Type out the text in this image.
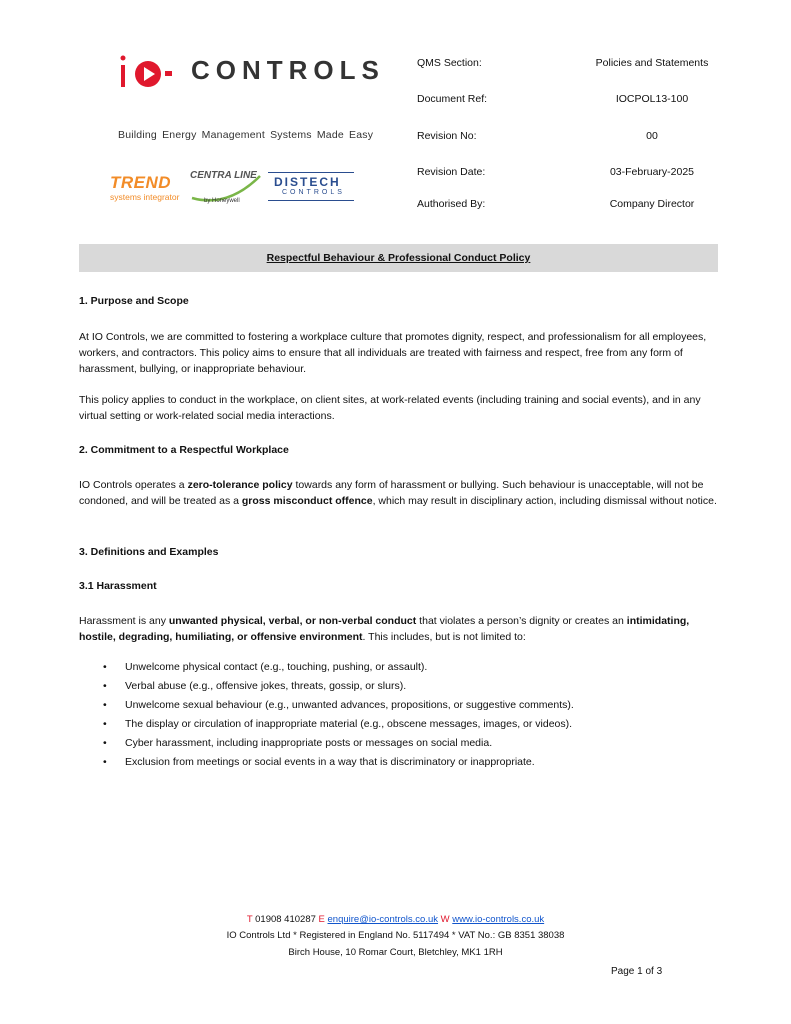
CONTROLS
Building Energy Management Systems Made Easy
TREND
systems integrator
CENTRA LINE
by Honeywell
DISTECH
CONTROLS
QMS Section:	Policies and Statements
Document Ref:	IOCPOL13-100
Revision No:	00
Revision Date:	03-February-2025
Authorised By:	Company Director
Respectful Behaviour & Professional Conduct Policy
1. Purpose and Scope
At IO Controls, we are committed to fostering a workplace culture that promotes dignity, respect, and professionalism for all employees, workers, and contractors. This policy aims to ensure that all individuals are treated with fairness and respect, free from any form of harassment, bullying, or inappropriate behaviour.
This policy applies to conduct in the workplace, on client sites, at work-related events (including training and social events), and in any virtual setting or work-related social media interactions.
2. Commitment to a Respectful Workplace
IO Controls operates a zero-tolerance policy towards any form of harassment or bullying. Such behaviour is unacceptable, will not be condoned, and will be treated as a gross misconduct offence, which may result in disciplinary action, including dismissal without notice.
3. Definitions and Examples
3.1 Harassment
Harassment is any unwanted physical, verbal, or non-verbal conduct that violates a person’s dignity or creates an intimidating, hostile, degrading, humiliating, or offensive environment. This includes, but is not limited to:
• Unwelcome physical contact (e.g., touching, pushing, or assault).
• Verbal abuse (e.g., offensive jokes, threats, gossip, or slurs).
• Unwelcome sexual behaviour (e.g., unwanted advances, propositions, or suggestive comments).
• The display or circulation of inappropriate material (e.g., obscene messages, images, or videos).
• Cyber harassment, including inappropriate posts or messages on social media.
• Exclusion from meetings or social events in a way that is discriminatory or inappropriate.
T 01908 410287 E enquire@io-controls.co.uk W www.io-controls.co.uk
IO Controls Ltd * Registered in England No. 5117494 * VAT No.: GB 8351 38038
Birch House, 10 Romar Court, Bletchley, MK1 1RH
Page 1 of 3
